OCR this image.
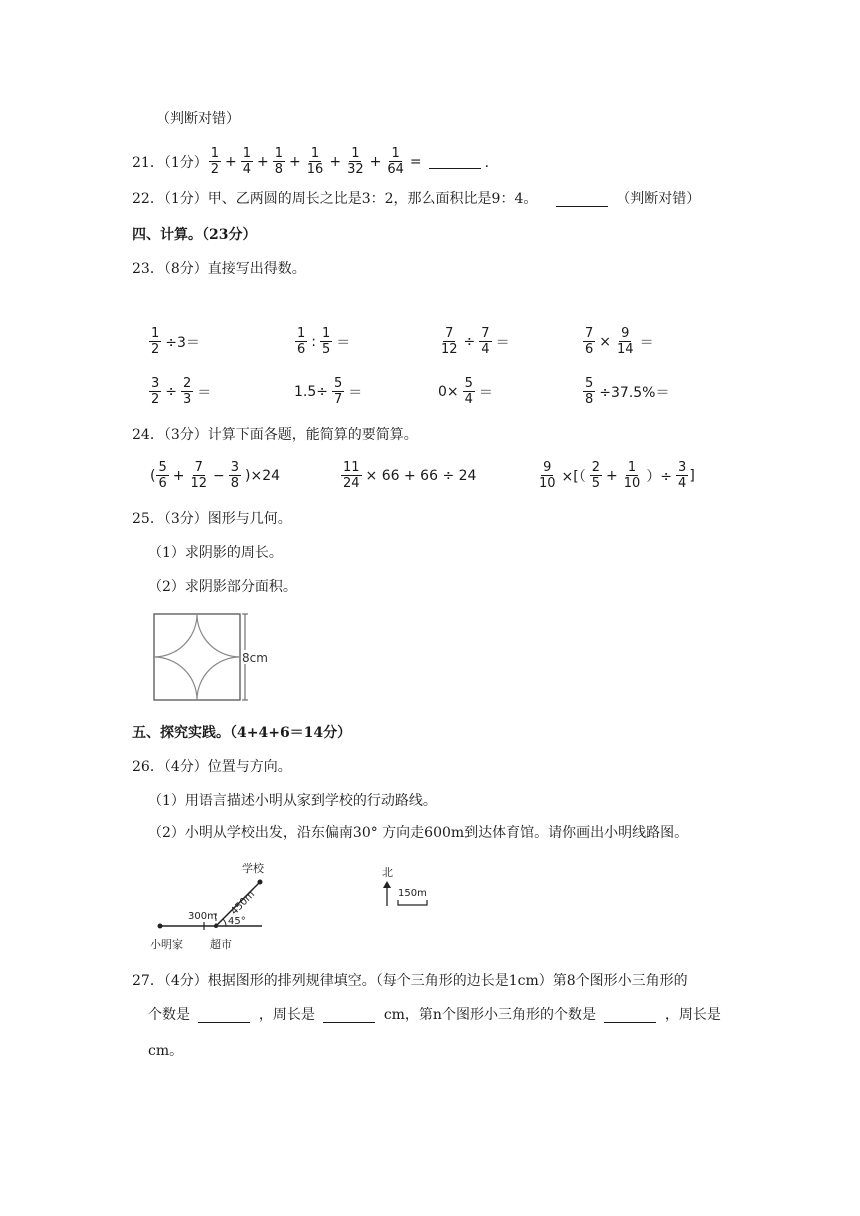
（判断对错）
21．（1分） $\frac{1}{2} + \frac{1}{4} + \frac{1}{8} + \frac{1}{16} + \frac{1}{32} + \frac{1}{64}$ =	．
22．（1分）甲、乙两圆的周长之比是3：2，那么面积比是9：4。	（判断对错）
四、计算。（23分）
23．（8分）直接写出得数。
$\frac{1}{2} \div 3=$	$\frac{1}{6}$ : $\frac{1}{5}$ ＝	$\frac{7}{12} \div \frac{7}{4}$ ＝	$\frac{7}{6} \times \frac{9}{14}$ ＝
$\frac{3}{2} \div \frac{2}{3}$ ＝	$1.5\div \frac{5}{7}$ ＝	$0\times \frac{5}{4}$ ＝	$\frac{5}{8} \div 37.5\%=$
24．（3分）计算下面各题，能简算的要简算。
( $\frac{5}{6} + \frac{7}{12} - \frac{3}{8} )\times 24$	$\frac{11}{24} \times 66 + 66 \div 24$	$\frac{9}{10}$ ×[（ $\frac{2}{5} + \frac{1}{10}$ ）÷ $\frac{3}{4}$ ]
25．（3分）图形与几何。
（1）求阴影的周长。
（2）求阴影部分面积。
8cm
五、探究实践。（4+4+6＝14分）
26．（4分）位置与方向。
（1）用语言描述小明从家到学校的行动路线。
（2）小明从学校出发，沿东偏南30° 方向走600m到达体育馆。请你画出小明线路图。
300m 450m
45°
小明家 超市
学校	北
150m
27．（4分）根据图形的排列规律填空。（每个三角形的边长是1cm）第8个图形小三角形的
个数是	，周长是	cm，第n个图形小三角形的个数是	，周长是
cm。
